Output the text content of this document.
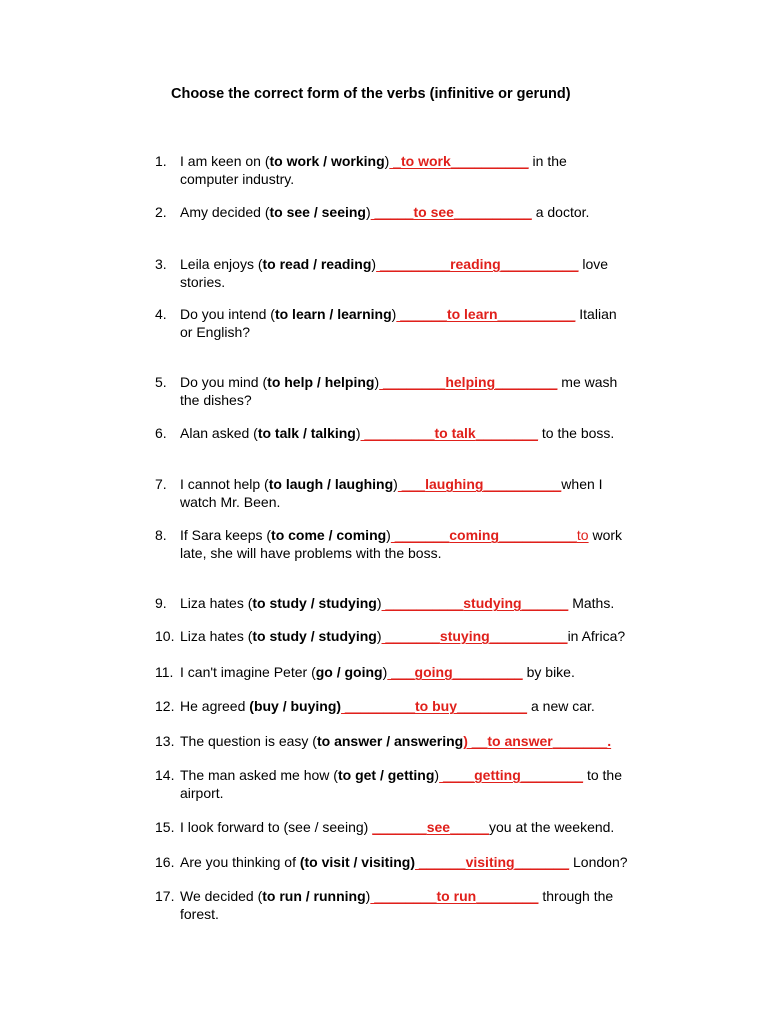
Choose the correct form of the verbs (infinitive or gerund)
1. I am keen on (to work / working) _to work__________ in the
computer industry.
2. Amy decided (to see / seeing) _____to see__________ a doctor.
3. Leila enjoys (to read / reading) _________reading__________ love
stories.
4. Do you intend (to learn / learning) ______to learn__________ Italian
or English?
5. Do you mind (to help / helping) ________helping________ me wash
the dishes?
6. Alan asked (to talk / talking) _________to talk________ to the boss.
7. I cannot help (to laugh / laughing) ___laughing__________when I
watch Mr. Been.
8. If Sara keeps (to come / coming) _______coming__________to work
late, she will have problems with the boss.
9. Liza hates (to study / studying) __________studying______ Maths.
10. Liza hates (to study / studying) _______stuying__________in Africa?
11. I can't imagine Peter (go / going) ___going_________ by bike.
12. He agreed (buy / buying) _________to buy_________ a new car.
13. The question is easy (to answer / answering) __to answer_______.
14. The man asked me how (to get / getting) ____getting________ to the
airport.
15. I look forward to (see / seeing) _______see_____you at the weekend.
16. Are you thinking of (to visit / visiting) ______visiting_______ London?
17. We decided (to run / running) ________to run________ through the
forest.
